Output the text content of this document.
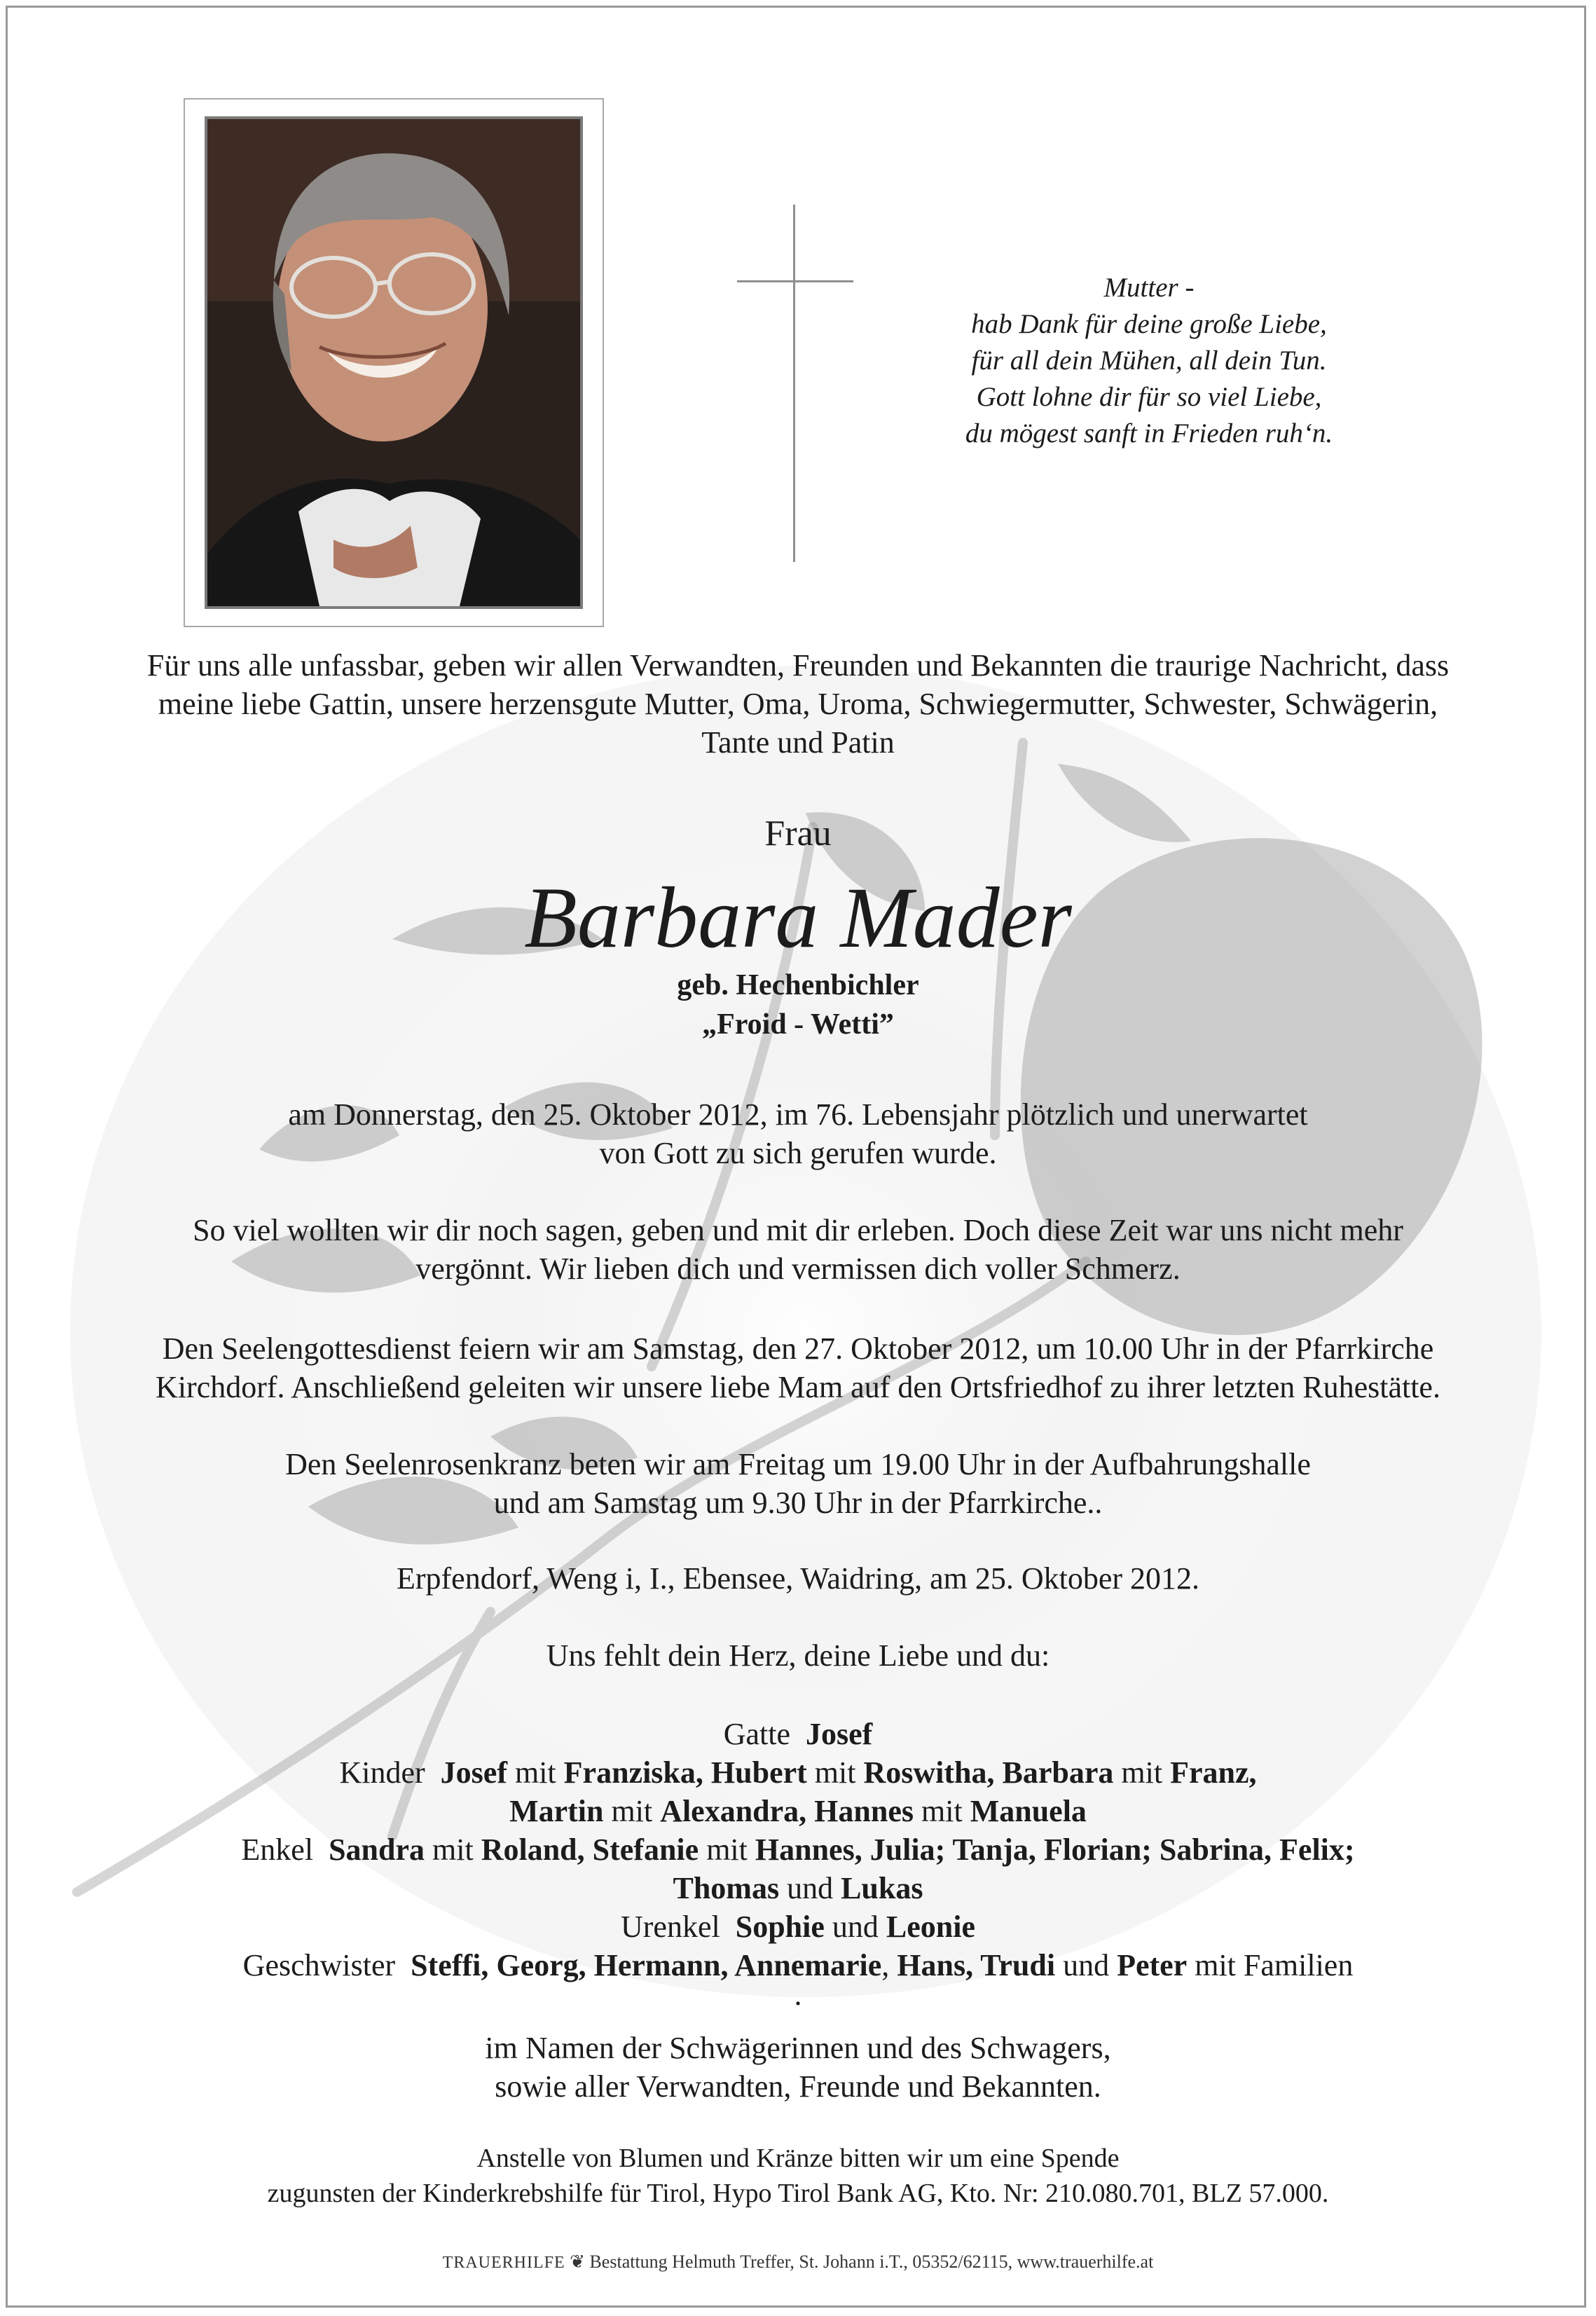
Mutter -
hab Dank für deine große Liebe,
für all dein Mühen, all dein Tun.
Gott lohne dir für so viel Liebe,
du mögest sanft in Frieden ruh‘n.
Für uns alle unfassbar, geben wir allen Verwandten, Freunden und Bekannten die traurige Nachricht, dass
meine liebe Gattin, unsere herzensgute Mutter, Oma, Uroma, Schwiegermutter, Schwester, Schwägerin,
Tante und Patin
Frau
Barbara Mader
geb. Hechenbichler
„Froid - Wetti”
am Donnerstag, den 25. Oktober 2012, im 76. Lebensjahr plötzlich und unerwartet
von Gott zu sich gerufen wurde.
So viel wollten wir dir noch sagen, geben und mit dir erleben. Doch diese Zeit war uns nicht mehr
vergönnt. Wir lieben dich und vermissen dich voller Schmerz.
Den Seelengottesdienst feiern wir am Samstag, den 27. Oktober 2012, um 10.00 Uhr in der Pfarrkirche
Kirchdorf. Anschließend geleiten wir unsere liebe Mam auf den Ortsfriedhof zu ihrer letzten Ruhestätte.
Den Seelenrosenkranz beten wir am Freitag um 19.00 Uhr in der Aufbahrungshalle
und am Samstag um 9.30 Uhr in der Pfarrkirche..
Erpfendorf, Weng i, I., Ebensee, Waidring, am 25. Oktober 2012.
Uns fehlt dein Herz, deine Liebe und du:
Gatte Josef
Kinder Josef mit Franziska, Hubert mit Roswitha, Barbara mit Franz,
Martin mit Alexandra, Hannes mit Manuela
Enkel Sandra mit Roland, Stefanie mit Hannes, Julia; Tanja, Florian; Sabrina, Felix;
Thomas und Lukas
Urenkel Sophie und Leonie
Geschwister Steffi, Georg, Hermann, Annemarie, Hans, Trudi und Peter mit Familien
.
im Namen der Schwägerinnen und des Schwagers,
sowie aller Verwandten, Freunde und Bekannten.
Anstelle von Blumen und Kränze bitten wir um eine Spende
zugunsten der Kinderkrebshilfe für Tirol, Hypo Tirol Bank AG, Kto. Nr: 210.080.701, BLZ 57.000.
TRAUERHILFE ❦ Bestattung Helmuth Treffer, St. Johann i.T., 05352/62115, www.trauerhilfe.at
